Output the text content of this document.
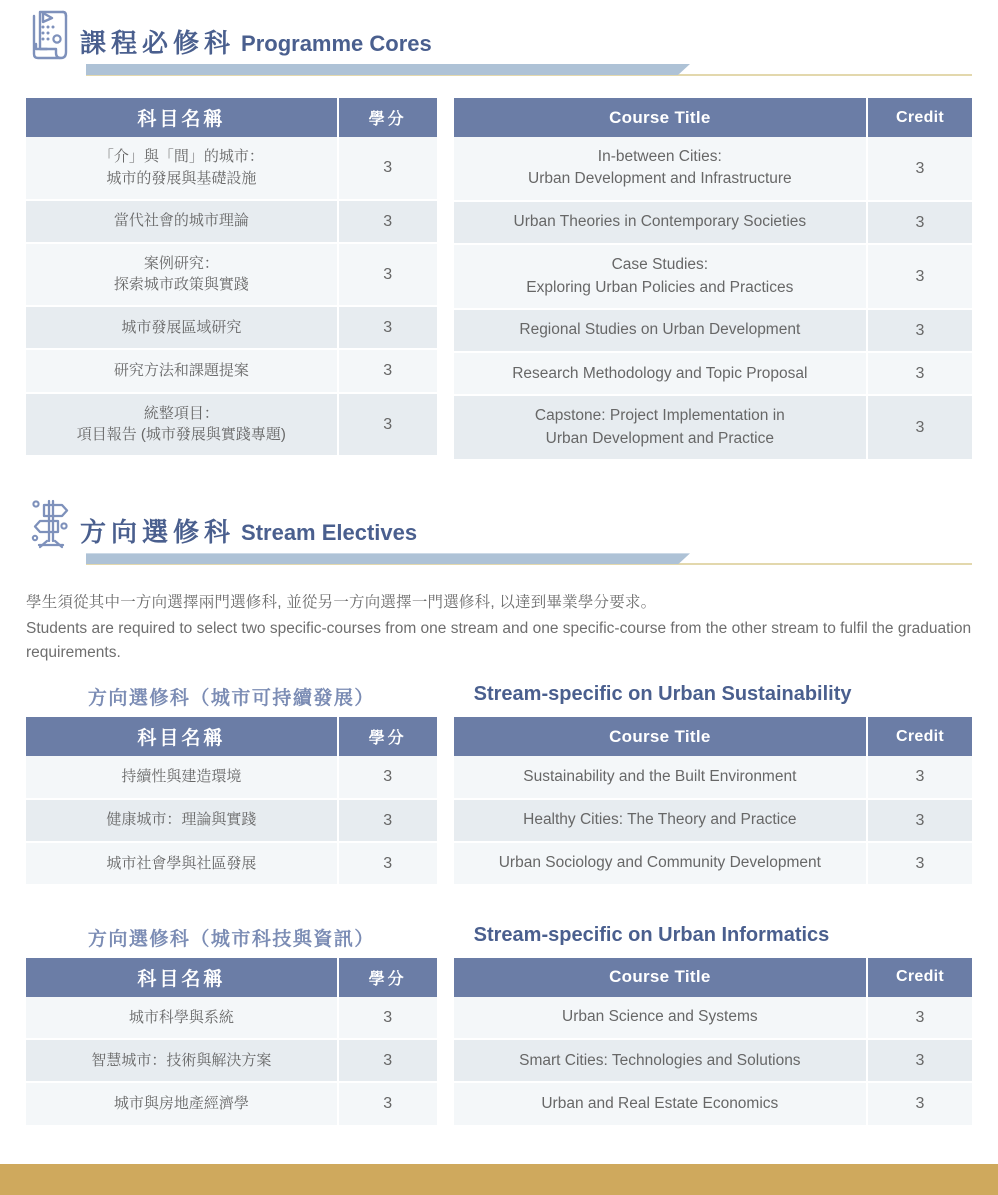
課程必修科 Programme Cores
科目名稱	學分
「介」與「間」的城市：
城市的發展與基礎設施	3
當代社會的城市理論	3
案例研究：
探索城市政策與實踐	3
城市發展區域研究	3
研究方法和課題提案	3
統整項目：
項目報告 (城市發展與實踐專題)	3
Course Title	Credit
In-between Cities:
Urban Development and Infrastructure	3
Urban Theories in Contemporary Societies	3
Case Studies:
Exploring Urban Policies and Practices	3
Regional Studies on Urban Development	3
Research Methodology and Topic Proposal	3
Capstone: Project Implementation in
Urban Development and Practice	3
方向選修科 Stream Electives
學生須從其中一方向選擇兩門選修科, 並從另一方向選擇一門選修科, 以達到畢業學分要求。
Students are required to select two specific-courses from one stream and one specific-course from the other stream to fulfil the graduation requirements.
方向選修科（城市可持續發展）	Stream-specific on Urban Sustainability
科目名稱	學分
持續性與建造環境	3
健康城市：理論與實踐	3
城市社會學與社區發展	3
Course Title	Credit
Sustainability and the Built Environment	3
Healthy Cities: The Theory and Practice	3
Urban Sociology and Community Development	3
方向選修科（城市科技與資訊）	Stream-specific on Urban Informatics
科目名稱	學分
城市科學與系統	3
智慧城市：技術與解決方案	3
城市與房地產經濟學	3
Course Title	Credit
Urban Science and Systems	3
Smart Cities: Technologies and Solutions	3
Urban and Real Estate Economics	3
